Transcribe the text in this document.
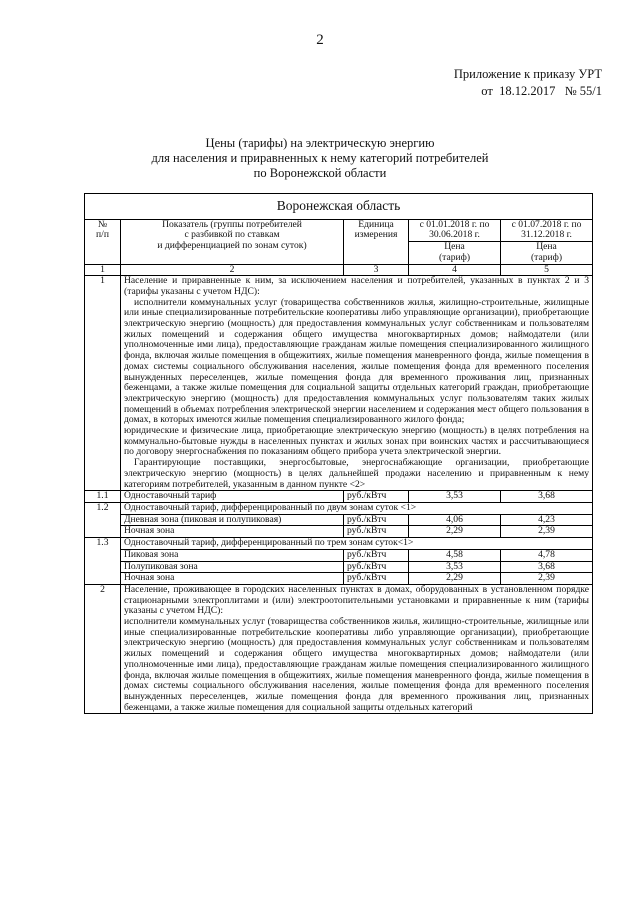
2
Приложение к приказу УРТ
от  18.12.2017   № 55/1
Цены (тарифы) на электрическую энергию
для населения и приравненных к нему категорий потребителей
по Воронежской области
Воронежская область				
№
п/п	Показатель (группы потребителей
с разбивкой по ставкам
и дифференциацией по зонам суток)	Единица
измерения	с 01.01.2018 г. по
30.06.2018 г.	с 01.07.2018 г. по
31.12.2018 г.
			Цена
(тариф)	Цена
(тариф)
1	2	3	4	5
1	Население и приравненные к ним, за исключением населения и потребителей, указанных в пунктах 2 и 3 (тарифы указаны с учетом НДС):
исполнители коммунальных услуг (товарищества собственников жилья, жилищно-строительные, жилищные или иные специализированные потребительские кооперативы либо управляющие организации), приобретающие электрическую энергию (мощность) для предоставления коммунальных услуг собственникам и пользователям жилых помещений и содержания общего имущества многоквартирных домов; наймодатели (или уполномоченные ими лица), предоставляющие гражданам жилые помещения специализированного жилищного фонда, включая жилые помещения в общежитиях, жилые помещения маневренного фонда, жилые помещения в домах системы социального обслуживания населения, жилые помещения фонда для временного поселения вынужденных переселенцев, жилые помещения фонда для временного проживания лиц, признанных беженцами, а также жилые помещения для социальной защиты отдельных категорий граждан, приобретающие электрическую энергию (мощность) для предоставления коммунальных услуг пользователям таких жилых помещений в объемах потребления электрической энергии населением и содержания мест общего пользования в домах, в которых имеются жилые помещения специализированного жилого фонда;
юридические и физические лица, приобретающие электрическую энергию (мощность) в целях потребления на коммунально-бытовые нужды в населенных пунктах и жилых зонах при воинских частях и рассчитывающиеся по договору энергоснабжения по показаниям общего прибора учета электрической энергии.
Гарантирующие поставщики, энергосбытовые, энергоснабжающие организации, приобретающие электрическую энергию (мощность) в целях дальнейшей продажи населению и приравненным к нему категориям потребителей, указанным в данном пункте <2>			

1.1	Одноставочный тариф	руб./кВтч	3,53	3,68
1.2	Одноставочный тариф, дифференцированный по двум зонам суток <1>			
	Дневная зона (пиковая и полупиковая)	руб./кВтч	4,06	4,23
	Ночная зона	руб./кВтч	2,29	2,39
1.3	Одноставочный тариф, дифференцированный по трем зонам суток<1>			
	Пиковая зона	руб./кВтч	4,58	4,78
	Полупиковая зона	руб./кВтч	3,53	3,68
	Ночная зона	руб./кВтч	2,29	2,39
2	Население, проживающее в городских населенных пунктах в домах, оборудованных в установленном порядке стационарными электроплитами и (или) электроотопительными установками и приравненные к ним (тарифы указаны с учетом НДС):
исполнители коммунальных услуг (товарищества собственников жилья, жилищно-строительные, жилищные или иные специализированные потребительские кооперативы либо управляющие организации), приобретающие электрическую энергию (мощность) для предоставления коммунальных услуг собственникам и пользователям жилых помещений и содержания общего имущества многоквартирных домов; наймодатели (или уполномоченные ими лица), предоставляющие гражданам жилые помещения специализированного жилищного фонда, включая жилые помещения в общежитиях, жилые помещения маневренного фонда, жилые помещения в домах системы социального обслуживания населения, жилые помещения фонда для временного поселения вынужденных переселенцев, жилые помещения фонда для временного проживания лиц, признанных беженцами, а также жилые помещения для социальной защиты отдельных категорий			
